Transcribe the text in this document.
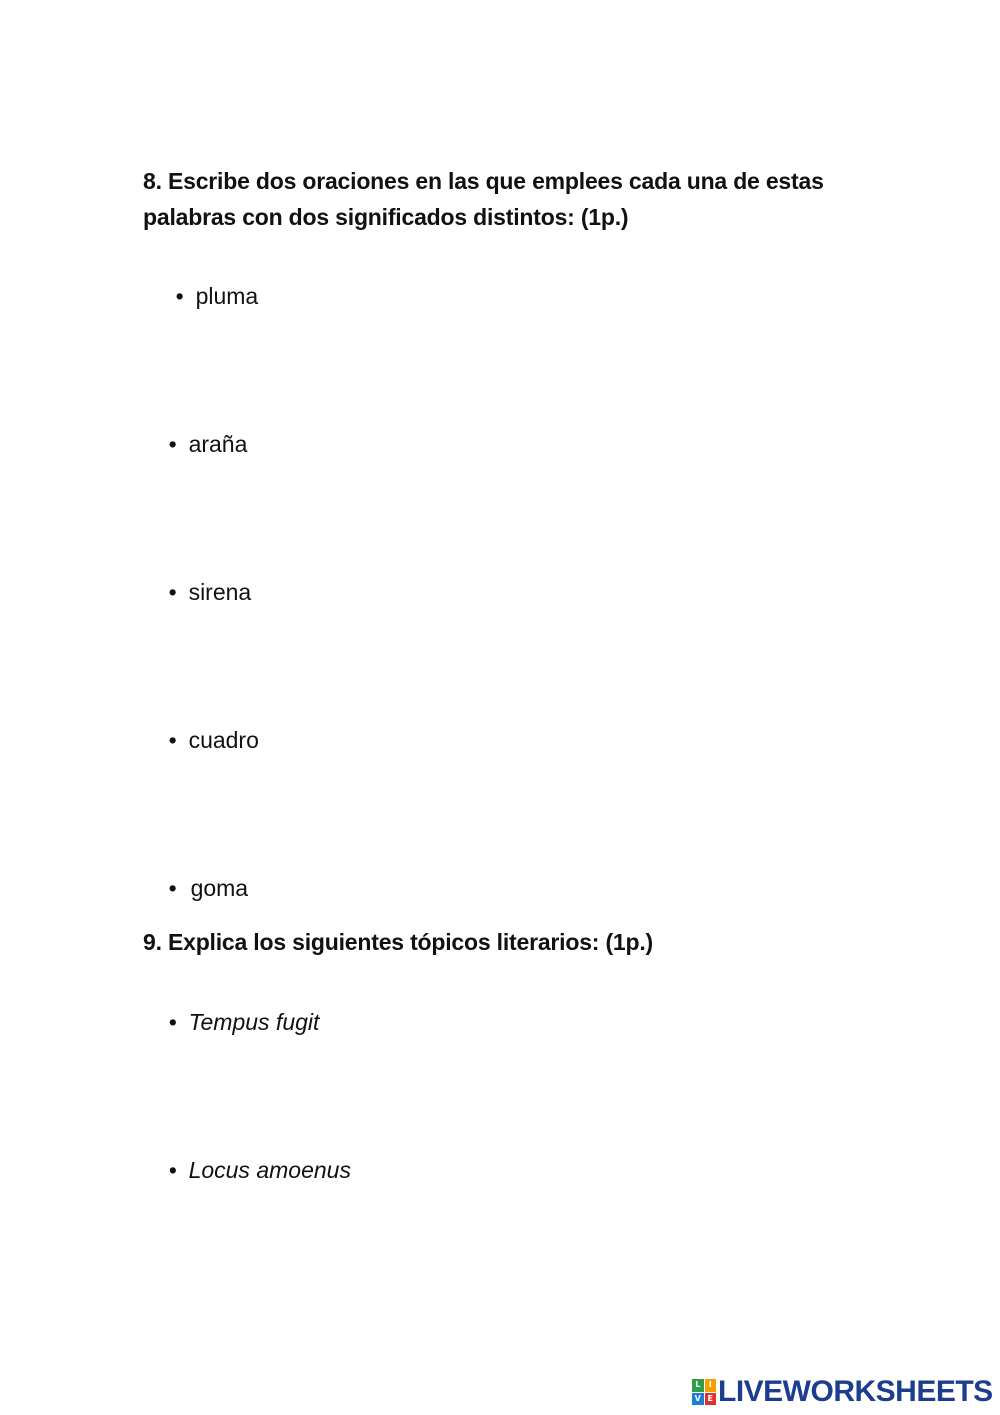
8. Escribe dos oraciones en las que emplees cada una de estas
palabras con dos significados distintos: (1p.)

• pluma

• araña

• sirena

• cuadro

• goma

9. Explica los siguientes tópicos literarios: (1p.)

• Tempus fugit

• Locus amoenus

L	I
V E LIVEWORKSHEETS
